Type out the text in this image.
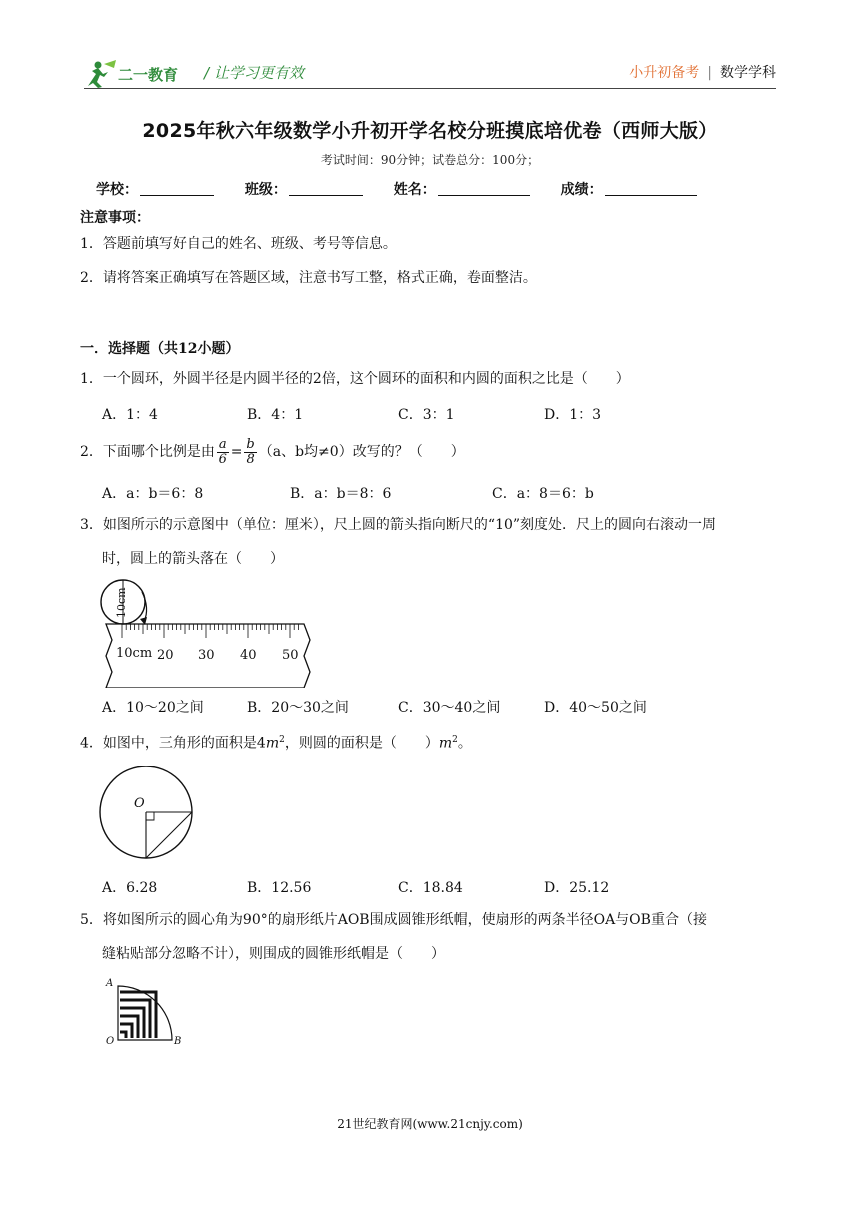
二一教育 / 让学习更有效	小升初备考 | 数学学科
2025年秋六年级数学小升初开学名校分班摸底培优卷（西师大版）
考试时间：90分钟；试卷总分：100分；
学校：	班级：	姓名：	成绩：
注意事项：
1．答题前填写好自己的姓名、班级、考号等信息。
2．请将答案正确填写在答题区域，注意书写工整，格式正确，卷面整洁。
一．选择题（共12小题）
1．一个圆环，外圆半径是内圆半径的2倍，这个圆环的面积和内圆的面积之比是（　　）
A．1：4	B．4：1	C．3：1	D．1：3
2．下面哪个比例是由 $\frac{a}{6} = \frac{b}{8} (a$、b均≠0）改写的？（　　）
A．a：b＝6：8	B．a：b＝8：6	C．a：8＝6：b
3．如图所示的示意图中（单位：厘米），尺上圆的箭头指向断尺的“10”刻度处．尺上的圆向右滚动一周
时，圆上的箭头落在（　　）
10cm
10cm 20 30 40 50
A．10～20之间	B．20～30之间	C．30～40之间	D．40～50之间
4．如图中，三角形的面积是$4m^2$，则圆的面积是（　　）$m^2$。
O
A．6.28	B．12.56	C．18.84	D．25.12
5．将如图所示的圆心角为90°的扇形纸片AOB围成圆锥形纸帽，使扇形的两条半径OA与OB重合（接
缝粘贴部分忽略不计），则围成的圆锥形纸帽是（　　）
A
O	B
21世纪教育网(www.21cnjy.com)
